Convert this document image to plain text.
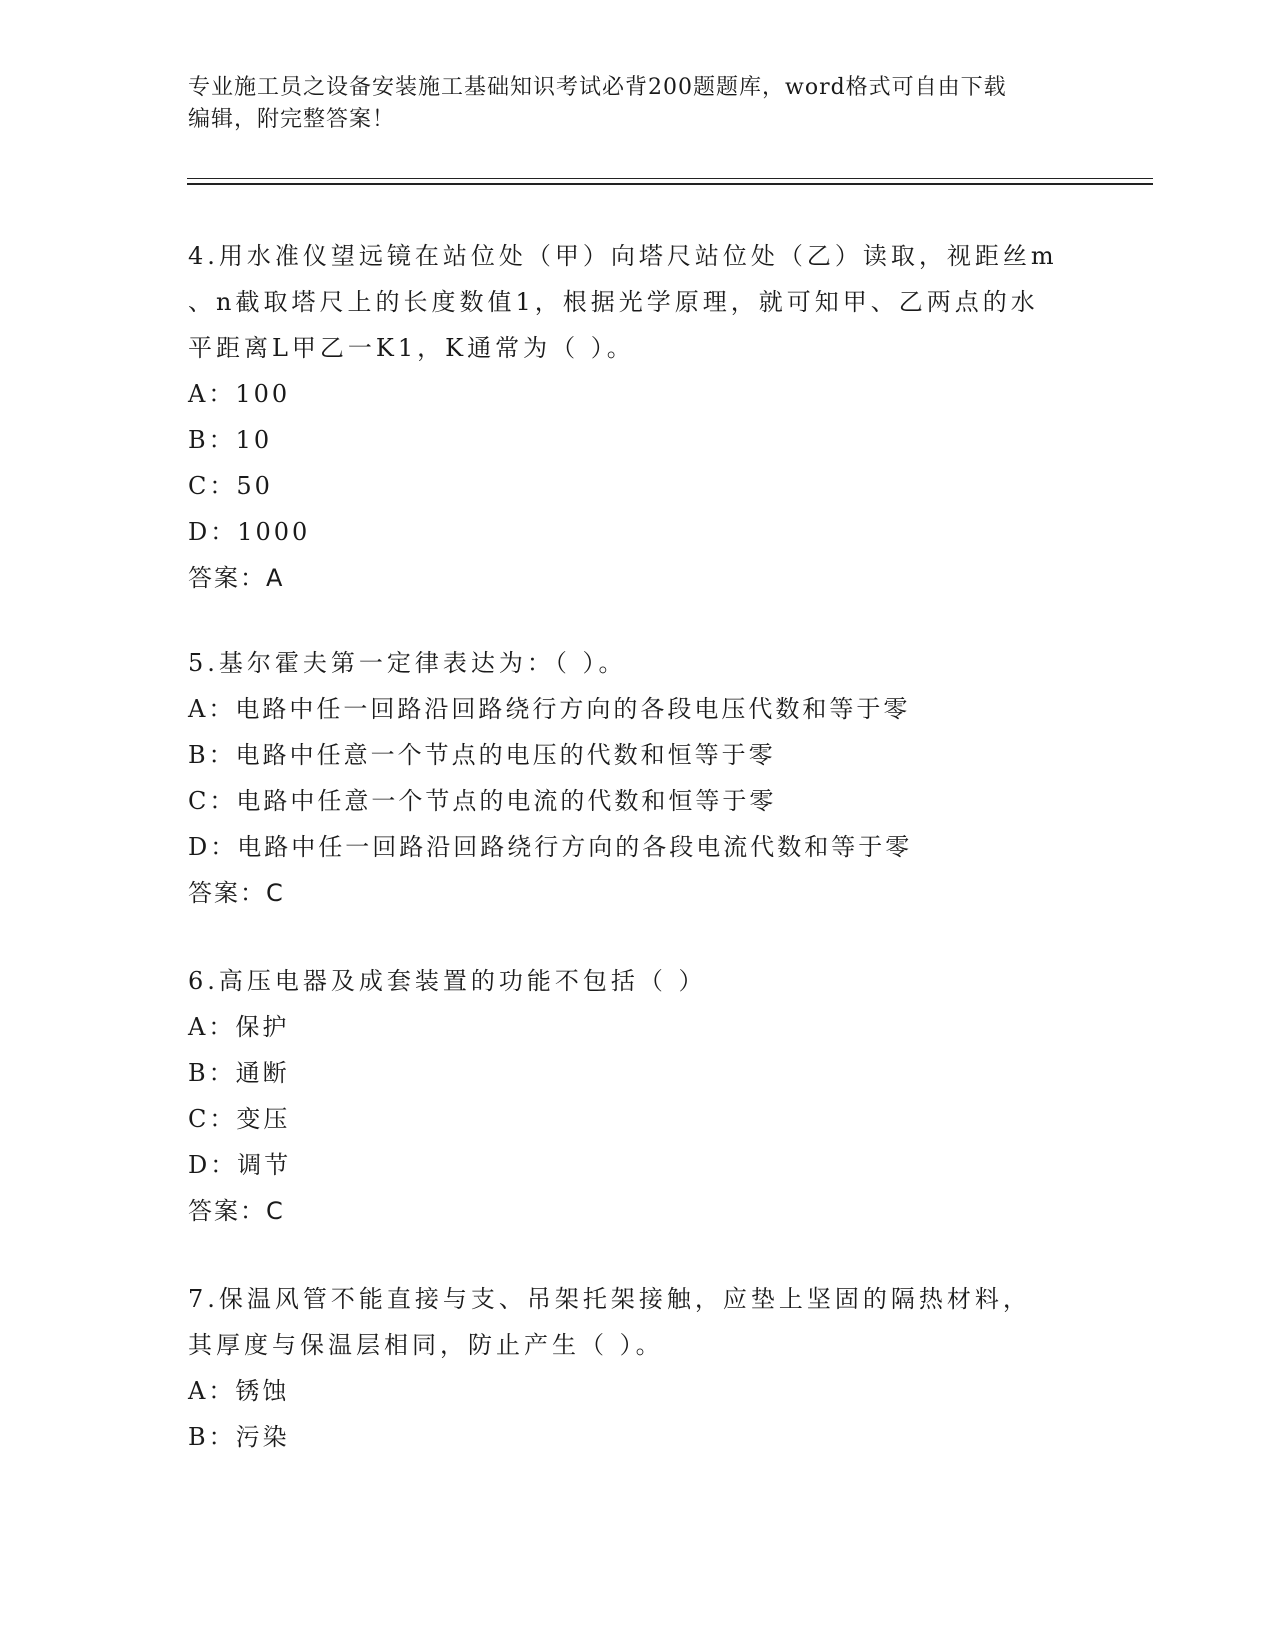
专业施工员之设备安装施工基础知识考试必背200题题库，word格式可自由下载
编辑，附完整答案！
4.用水准仪望远镜在站位处（甲）向塔尺站位处（乙）读取，视距丝m
、n截取塔尺上的长度数值1，根据光学原理，就可知甲、乙两点的水
平距离L甲乙一K1，K通常为（ ）。
A：100
B：10
C：50
D：1000
答案：A
5.基尔霍夫第一定律表达为：（ ）。
A：电路中任一回路沿回路绕行方向的各段电压代数和等于零
B：电路中任意一个节点的电压的代数和恒等于零
C：电路中任意一个节点的电流的代数和恒等于零
D：电路中任一回路沿回路绕行方向的各段电流代数和等于零
答案：C
6.高压电器及成套装置的功能不包括（ ）
A：保护
B：通断
C：变压
D：调节
答案：C
7.保温风管不能直接与支、吊架托架接触，应垫上坚固的隔热材料，
其厚度与保温层相同，防止产生（ ）。
A：锈蚀
B：污染
